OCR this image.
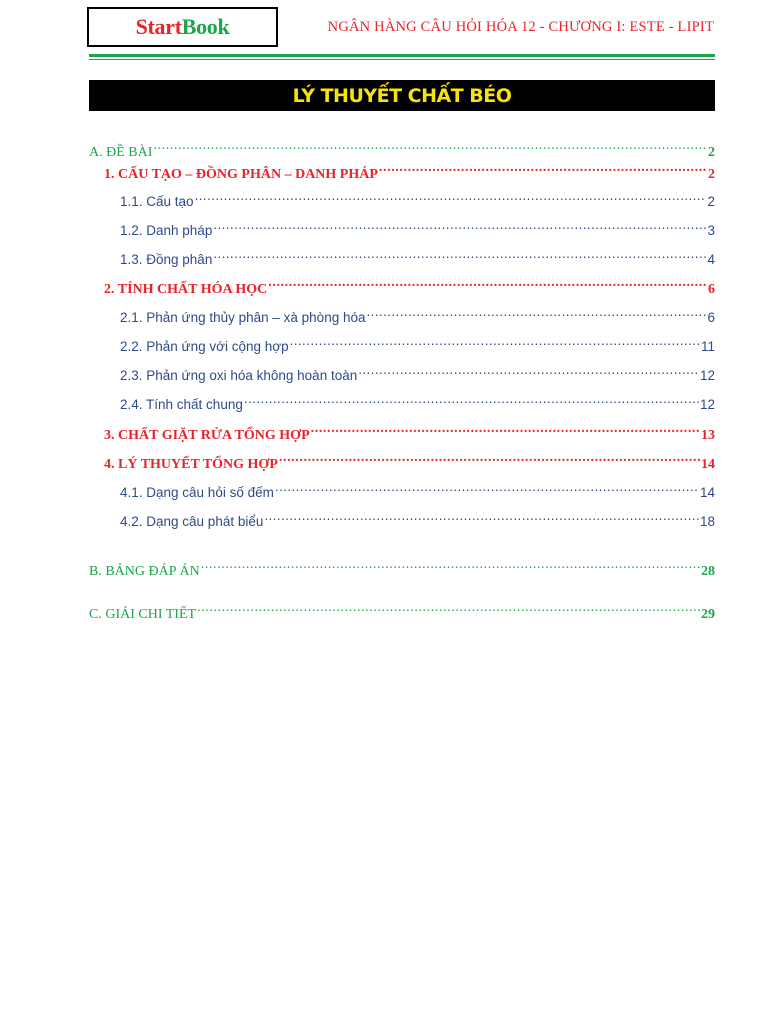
Start Book	NGÂN HÀNG CÂU HỎI HÓA 12 - CHƯƠNG I: ESTE - LIPIT
LÝ THUYẾT CHẤT BÉO
A. ĐỀ BÀI .....	2
1. CẤU TẠO – ĐỒNG PHÂN – DANH PHÁP .....	2
1.1. Cấu tạo .....	2
1.2. Danh pháp .....	3
1.3. Đồng phân .....	4
2. TÍNH CHẤT HÓA HỌC .....	6
2.1. Phản ứng thủy phân – xà phòng hóa .....	6
2.2. Phản ứng với cộng hợp .....	11
2.3. Phản ứng oxi hóa không hoàn toàn .....	12
2.4. Tính chất chung .....	12
3. CHẤT GIẶT RỬA TỔNG HỢP .....	13
4. LÝ THUYẾT TỔNG HỢP .....	14
4.1. Dạng câu hỏi số đếm .....	14
4.2. Dạng câu phát biểu .....	18
B. BẢNG ĐÁP ÁN .....	28
C. GIẢI CHI TIẾT .....	29
